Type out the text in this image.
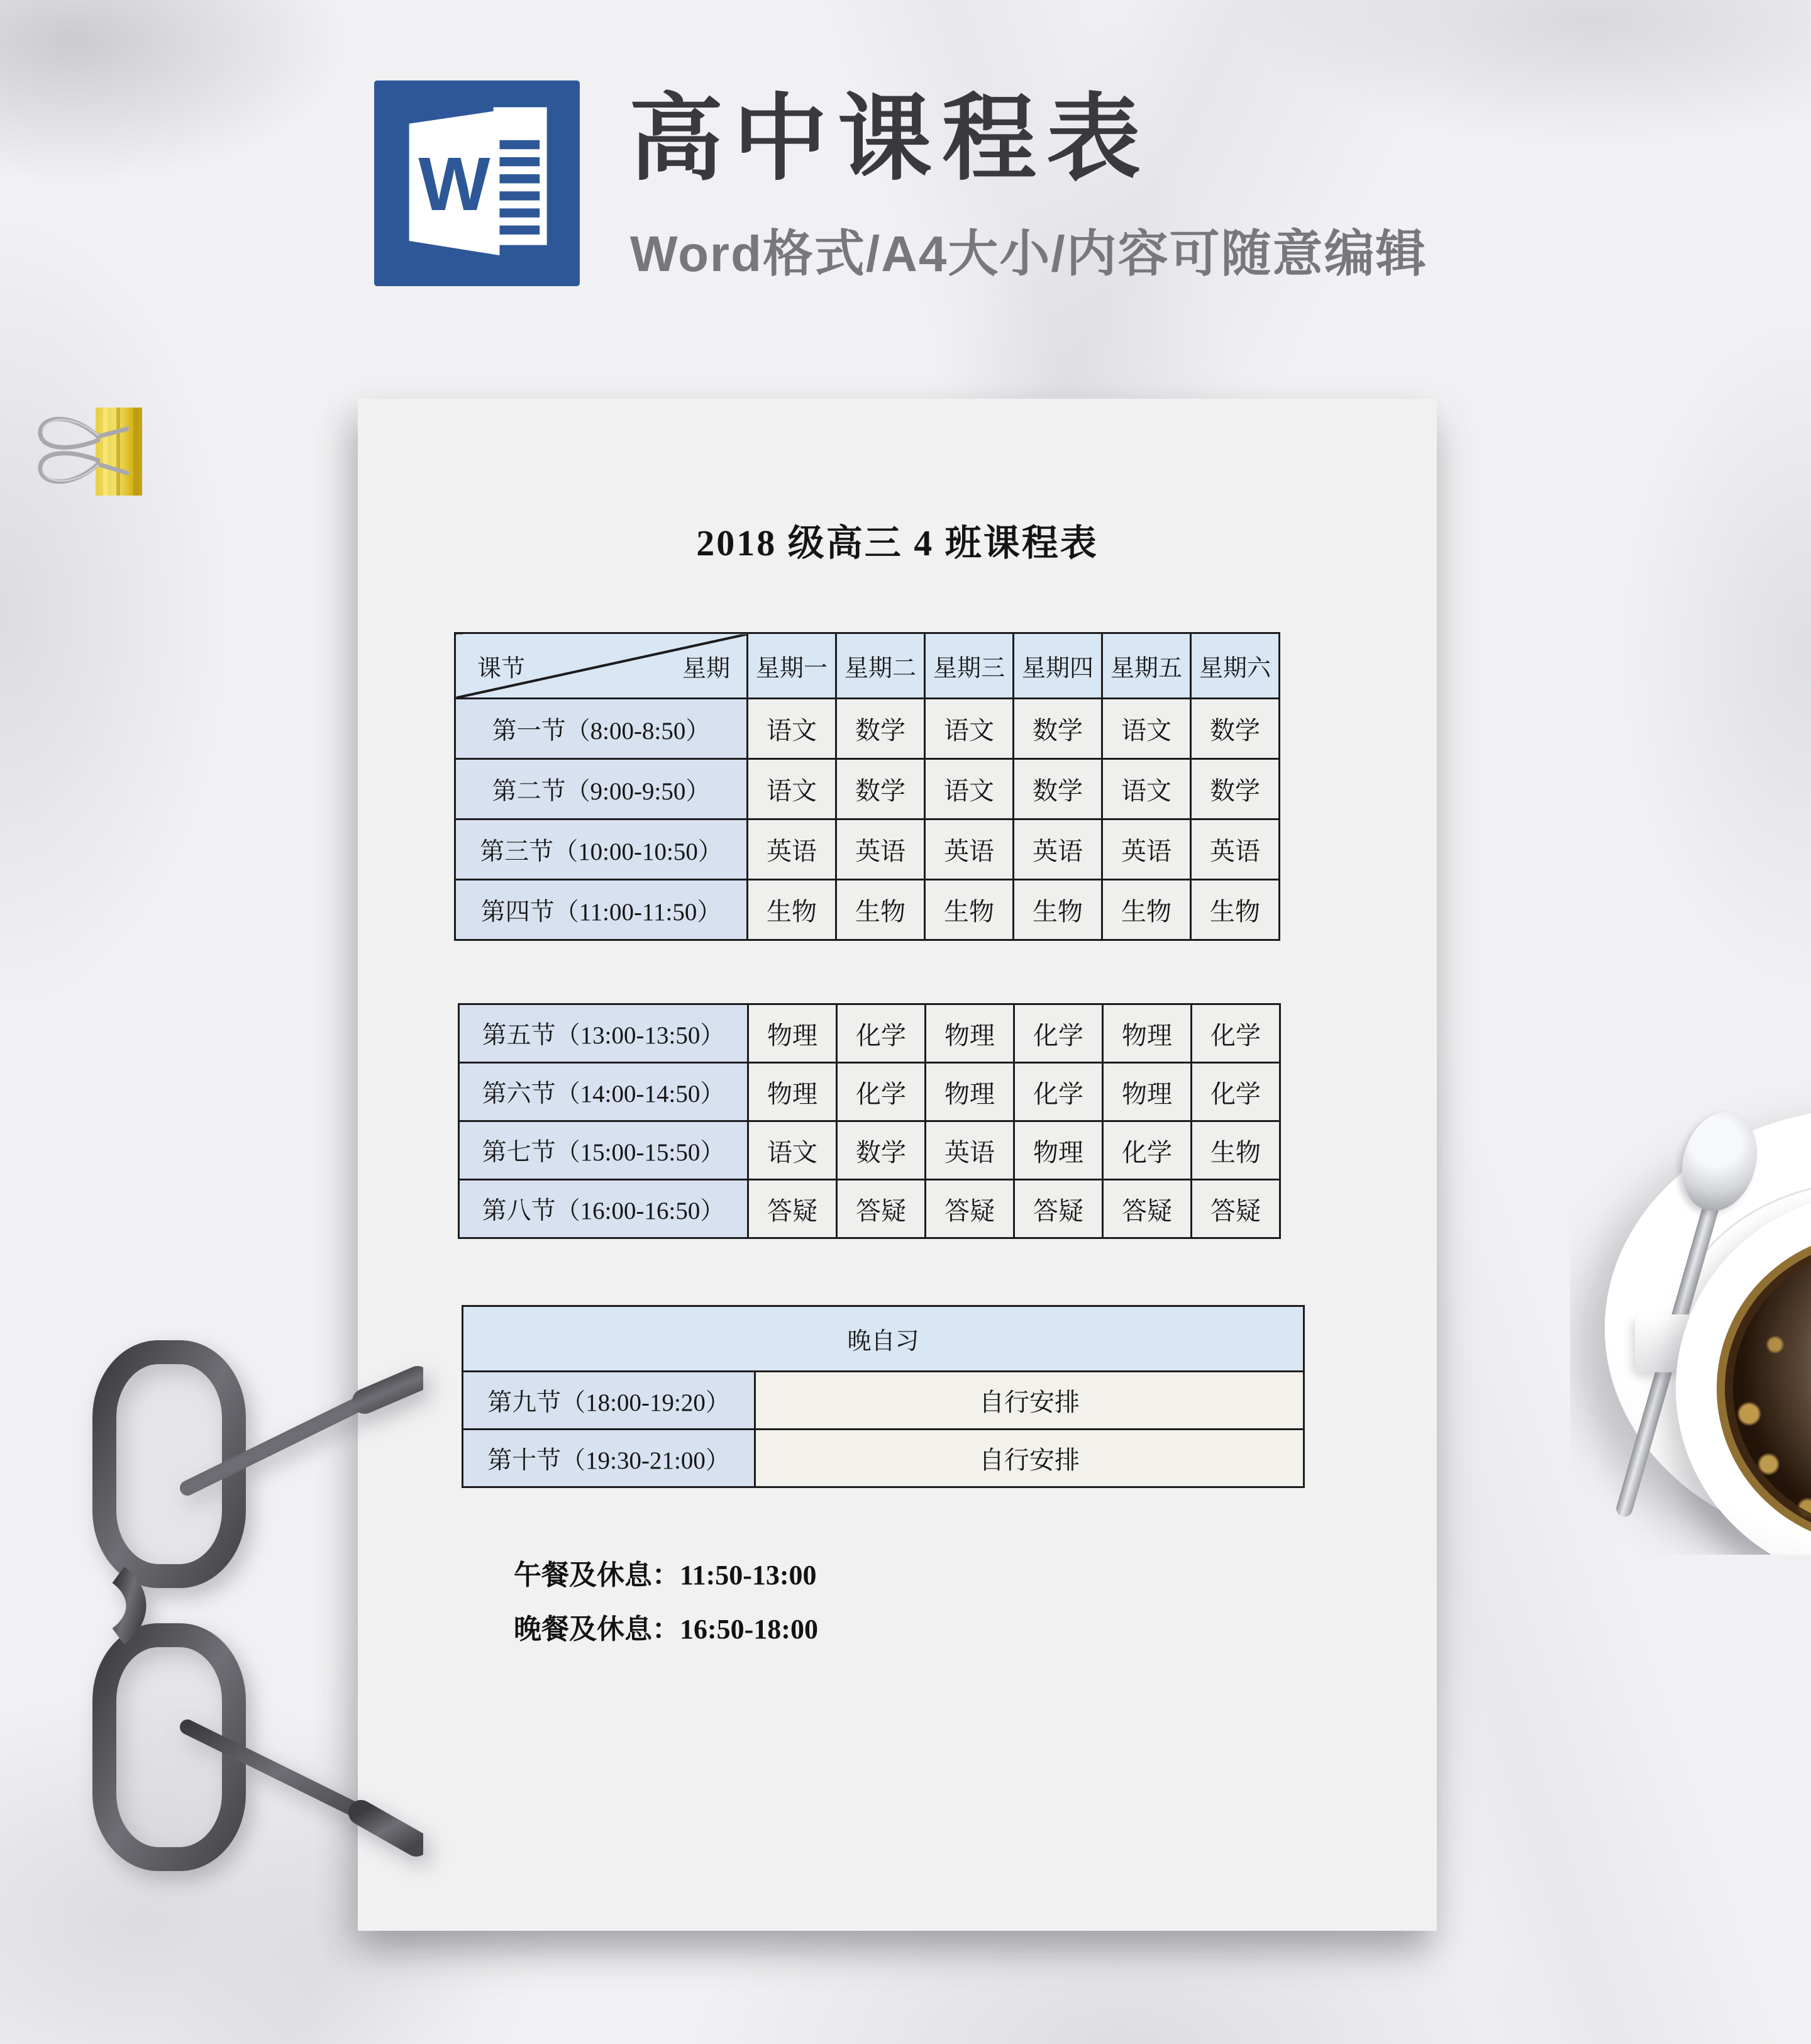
W 高中课程表
Word格式/A4大小/内容可随意编辑
2018 级高三 4 班课程表
课节 星期	星期一	星期二	星期三	星期四	星期五	星期六
第一节（8:00-8:50）	语文	数学	语文	数学	语文	数学
第二节（9:00-9:50）	语文	数学	语文	数学	语文	数学
第三节（10:00-10:50）	英语	英语	英语	英语	英语	英语
第四节（11:00-11:50）	生物	生物	生物	生物	生物	生物
第五节（13:00-13:50）	物理	化学	物理	化学	物理	化学
第六节（14:00-14:50）	物理	化学	物理	化学	物理	化学
第七节（15:00-15:50）	语文	数学	英语	物理	化学	生物
第八节（16:00-16:50）	答疑	答疑	答疑	答疑	答疑	答疑
晚自习	
第九节（18:00-19:20）	自行安排
第十节（19:30-21:00）	自行安排
午餐及休息：11:50-13:00
晚餐及休息：16:50-18:00
